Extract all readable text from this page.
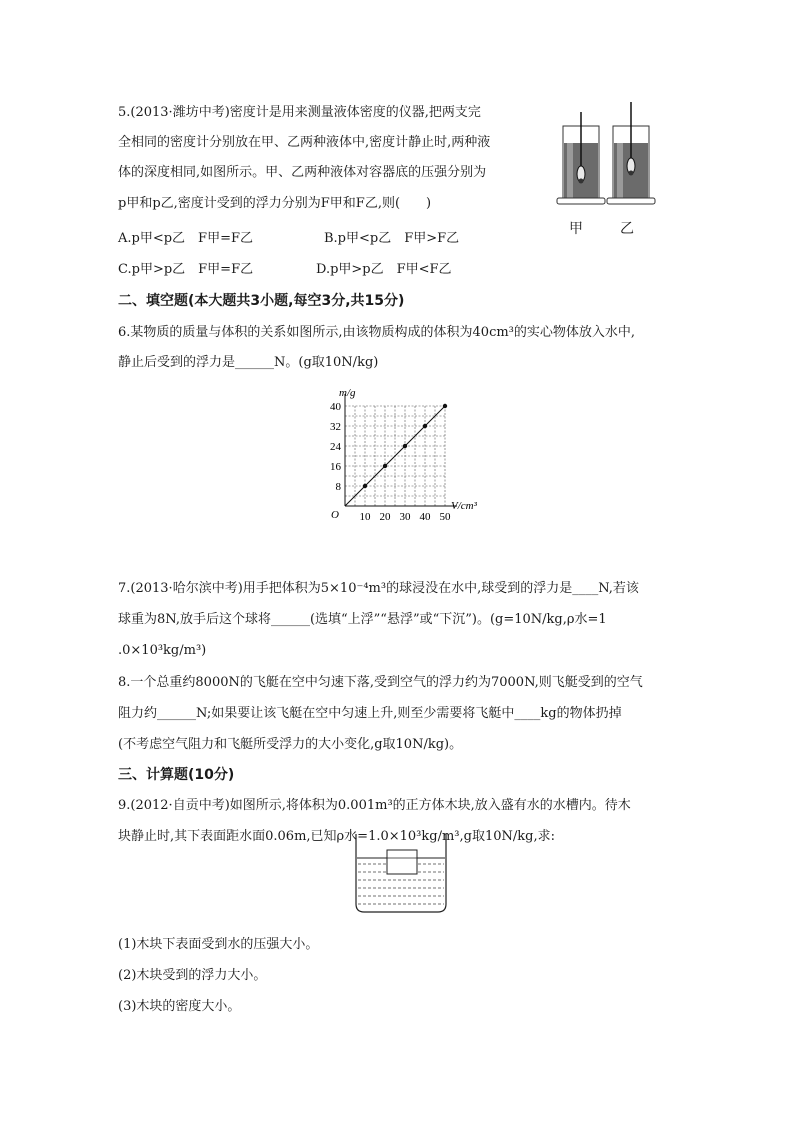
5.(2013·潍坊中考)密度计是用来测量液体密度的仪器,把两支完
全相同的密度计分别放在甲、乙两种液体中,密度计静止时,两种液
体的深度相同,如图所示。甲、乙两种液体对容器底的压强分别为
p甲和p乙,密度计受到的浮力分别为F甲和F乙,则(　　)
A.p甲<p乙　F甲=F乙	B.p甲<p乙　F甲>F乙
C.p甲>p乙　F甲=F乙	D.p甲>p乙　F甲<F乙
甲	乙
二、填空题(本大题共3小题,每空3分,共15分)
6.某物质的质量与体积的关系如图所示,由该物质构成的体积为40cm³的实心物体放入水中,
静止后受到的浮力是______N。(g取10N/kg)
10 20 30 40 50
8
16
24
32
40
O
m/g
V/cm³
7.(2013·哈尔滨中考)用手把体积为5×10⁻⁴m³的球浸没在水中,球受到的浮力是____N,若该
球重为8N,放手后这个球将______(选填“上浮”“悬浮”或“下沉”)。(g=10N/kg,ρ水=1
.0×10³kg/m³)
8.一个总重约8000N的飞艇在空中匀速下落,受到空气的浮力约为7000N,则飞艇受到的空气
阻力约______N;如果要让该飞艇在空中匀速上升,则至少需要将飞艇中____kg的物体扔掉
(不考虑空气阻力和飞艇所受浮力的大小变化,g取10N/kg)。
三、计算题(10分)
9.(2012·自贡中考)如图所示,将体积为0.001m³的正方体木块,放入盛有水的水槽内。待木
块静止时,其下表面距水面0.06m,已知ρ水=1.0×10³kg/m³,g取10N/kg,求:
(1)木块下表面受到水的压强大小。
(2)木块受到的浮力大小。
(3)木块的密度大小。
